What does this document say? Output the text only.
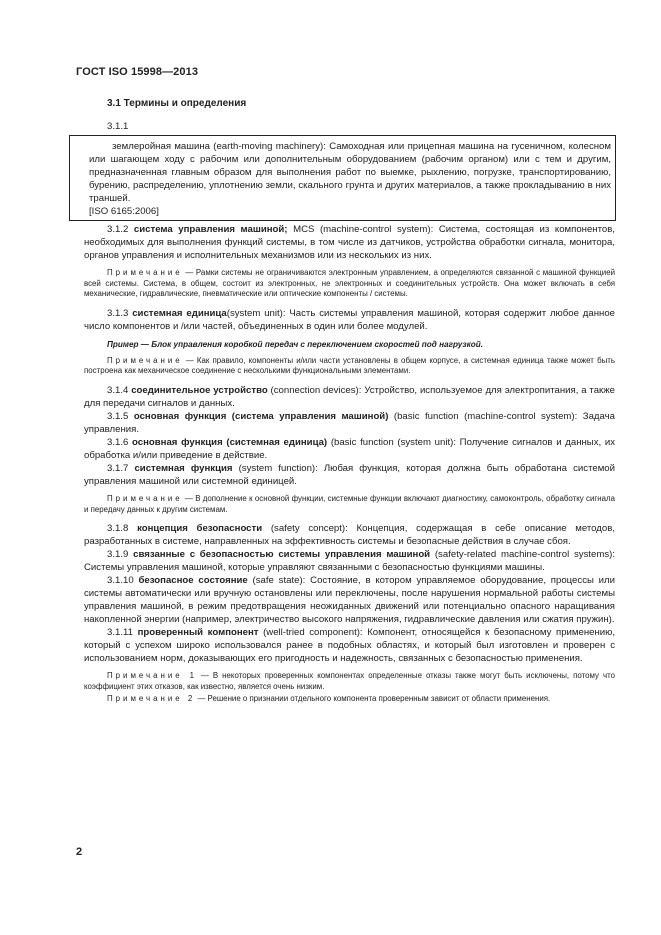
ГОСТ ISO 15998—2013
3.1 Термины и определения
3.1.1

землеройная машина (earth-moving machinery): Самоходная или прицепная машина на гусеничном, колесном или шагающем ходу с рабочим или дополнительным оборудованием (рабочим органом) или с тем и другим, предназначенная главным образом для выполнения работ по выемке, рыхлению, погрузке, транспортированию, бурению, распределению, уплотнению земли, скального грунта и других материалов, а также прокладыванию в них траншей.

[ISO 6165:2006]

3.1.2 система управления машиной; MCS (machine-control system): Система, состоящая из компонентов, необходимых для выполнения функций системы, в том числе из датчиков, устройства обработки сигнала, монитора, органов управления и исполнительных механизмов или из нескольких из них.

Примечание — Рамки системы не ограничиваются электронным управлением, а определяются связанной с машиной функцией всей системы. Система, в общем, состоит из электронных, не электронных и соединительных устройств. Она может включать в себя механические, гидравлические, пневматические или оптические компоненты / системы.

3.1.3 системная единица(system unit): Часть системы управления машиной, которая содержит любое данное число компонентов и /или частей, объединенных в один или более модулей.

Пример — Блок управления коробкой передач с переключением скоростей под нагрузкой.

Примечание — Как правило, компоненты и/или части установлены в общем корпусе, а системная единица также может быть построена как механическое соединение с несколькими функциональными элементами.

3.1.4 соединительное устройство (connection devices): Устройство, используемое для электропитания, а также для передачи сигналов и данных.

3.1.5 основная функция (система управления машиной) (basic function (machine-control system): Задача управления.

3.1.6 основная функция (системная единица) (basic function (system unit): Получение сигналов и данных, их обработка и/или приведение в действие.

3.1.7 системная функция (system function): Любая функция, которая должна быть обработана системой управления машиной или системной единицей.

Примечание — В дополнение к основной функции, системные функции включают диагностику, самоконтроль, обработку сигнала и передачу данных к другим системам.

3.1.8 концепция безопасности (safety concept): Концепция, содержащая в себе описание методов, разработанных в системе, направленных на эффективность системы и безопасные действия в случае сбоя.

3.1.9 связанные с безопасностью системы управления машиной (safety-related machine-control systems): Системы управления машиной, которые управляют связанными с безопасностью функциями машины.

3.1.10 безопасное состояние (safe state): Состояние, в котором управляемое оборудование, процессы или системы автоматически или вручную остановлены или переключены, после нарушения нормальной работы системы управления машиной, в режим предотвращения неожиданных движений или потенциально опасного наращивания накопленной энергии (например, электричество высокого напряжения, гидравлические давления или сжатия пружин).

3.1.11 проверенный компонент (well-tried component): Компонент, относящейся к безопасному применению, который с успехом широко использовался ранее в подобных областях, и который был изготовлен и проверен с использованием норм, доказывающих его пригодность и надежность, связанных с безопасностью применения.

Примечание 1 — В некоторых проверенных компонентах определенные отказы также могут быть исключены, потому что коэффициент этих отказов, как известно, является очень низким.

Примечание 2 — Решение о признании отдельного компонента проверенным зависит от области применения.

2
